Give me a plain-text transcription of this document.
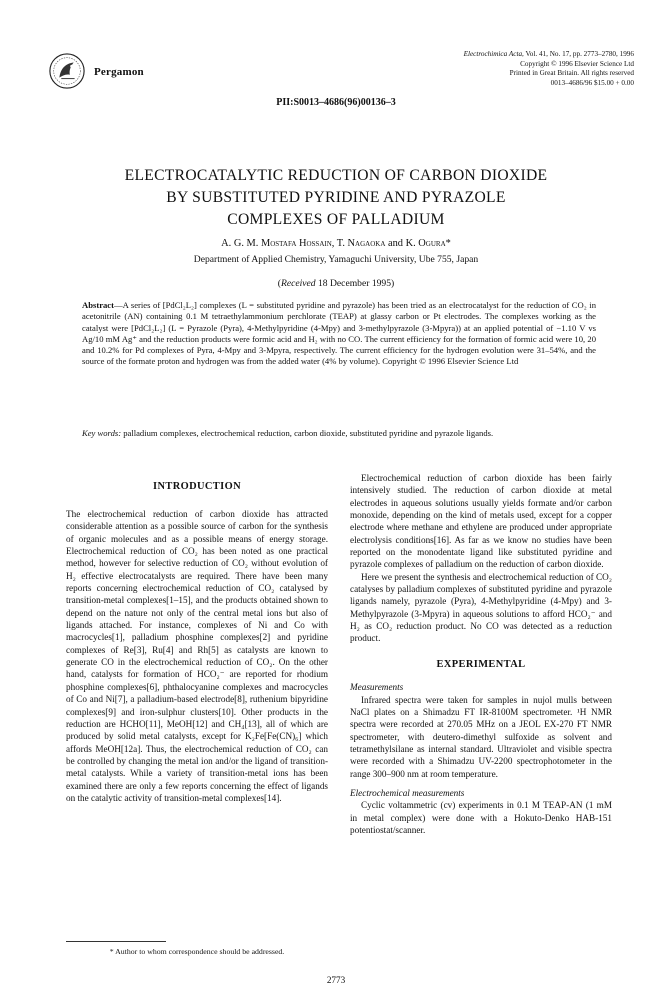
Pergamon
Electrochimica Acta, Vol. 41, No. 17, pp. 2773–2780, 1996
Copyright © 1996 Elsevier Science Ltd
Printed in Great Britain. All rights reserved
0013–4686/96 $15.00 + 0.00
PII:S0013–4686(96)00136–3
ELECTROCATALYTIC REDUCTION OF CARBON DIOXIDE
BY SUBSTITUTED PYRIDINE AND PYRAZOLE
COMPLEXES OF PALLADIUM
A. G. M. Mostafa Hossain, T. Nagaoka and K. Ogura*
Department of Applied Chemistry, Yamaguchi University, Ube 755, Japan
(Received 18 December 1995)
Abstract—A series of [PdCl₂L₂] complexes (L = substituted pyridine and pyrazole) has been tried as an electrocatalyst for the reduction of CO₂ in acetonitrile (AN) containing 0.1 M tetraethylammonium perchlorate (TEAP) at glassy carbon or Pt electrodes. The complexes working as the catalyst were [PdCl₂L₂] (L = Pyrazole (Pyra), 4-Methylpyridine (4-Mpy) and 3-methylpyrazole (3-Mpyra)) at an applied potential of −1.10 V vs Ag/10 mM Ag⁺ and the reduction products were formic acid and H₂ with no CO. The current efficiency for the formation of formic acid were 10, 20 and 10.2% for Pd complexes of Pyra, 4-Mpy and 3-Mpyra, respectively. The current efficiency for the hydrogen evolution were 31–54%, and the source of the formate proton and hydrogen was from the added water (4% by volume). Copyright © 1996 Elsevier Science Ltd
Key words: palladium complexes, electrochemical reduction, carbon dioxide, substituted pyridine and pyrazole ligands.
INTRODUCTION

The electrochemical reduction of carbon dioxide has attracted considerable attention as a possible source of carbon for the synthesis of organic molecules and as a possible means of energy storage. Electrochemical reduction of CO₂ has been noted as one practical method, however for selective reduction of CO₂ without evolution of H₂ effective electrocatalysts are required. There have been many reports concerning electrochemical reduction of CO₂ catalysed by transition-metal complexes[1–15], and the products obtained shown to depend on the nature not only of the central metal ions but also of ligands attached. For instance, complexes of Ni and Co with macrocycles[1], palladium phosphine complexes[2] and pyridine complexes of Re[3], Ru[4] and Rh[5] as catalysts are known to generate CO in the electrochemical reduction of CO₂. On the other hand, catalysts for formation of HCO₂⁻ are reported for rhodium phosphine complexes[6], phthalocyanine complexes and macrocycles of Co and Ni[7], a palladium-based electrode[8], ruthenium bipyridine complexes[9] and iron-sulphur clusters[10]. Other products in the reduction are HCHO[11], MeOH[12] and CH₄[13], all of which are produced by solid metal catalysts, except for K₂Fe[Fe(CN)₆] which affords MeOH[12a]. Thus, the electrochemical reduction of CO₂ can be controlled by changing the metal ion and/or the ligand of transition-metal catalysts. While a variety of transition-metal ions has been examined there are only a few reports concerning the effect of ligands on the catalytic activity of transition-metal complexes[14].

Electrochemical reduction of carbon dioxide has been fairly intensively studied. The reduction of carbon dioxide at metal electrodes in aqueous solutions usually yields formate and/or carbon monoxide, depending on the kind of metals used, except for a copper electrode where methane and ethylene are produced under appropriate electrolysis conditions[16]. As far as we know no studies have been reported on the monodentate ligand like substituted pyridine and pyrazole complexes of palladium on the reduction of carbon dioxide.

Here we present the synthesis and electrochemical reduction of CO₂ catalyses by palladium complexes of substituted pyridine and pyrazole ligands namely, pyrazole (Pyra), 4-Methylpyridine (4-Mpy) and 3-Methylpyrazole (3-Mpyra) in aqueous solutions to afford HCO₂⁻ and H₂ as CO₂ reduction product. No CO was detected as a reduction product.

EXPERIMENTAL

Measurements

Infrared spectra were taken for samples in nujol mulls between NaCl plates on a Shimadzu FT IR-8100M spectrometer. ¹H NMR spectra were recorded at 270.05 MHz on a JEOL EX-270 FT NMR spectrometer, with deutero-dimethyl sulfoxide as solvent and tetramethylsilane as internal standard. Ultraviolet and visible spectra were recorded with a Shimadzu UV-2200 spectrophotometer in the range 300–900 nm at room temperature.

Electrochemical measurements

Cyclic voltammetric (cv) experiments in 0.1 M TEAP-AN (1 mM in metal complex) were done with a Hokuto-Denko HAB-151 potentiostat/scanner.

* Author to whom correspondence should be addressed.
2773
